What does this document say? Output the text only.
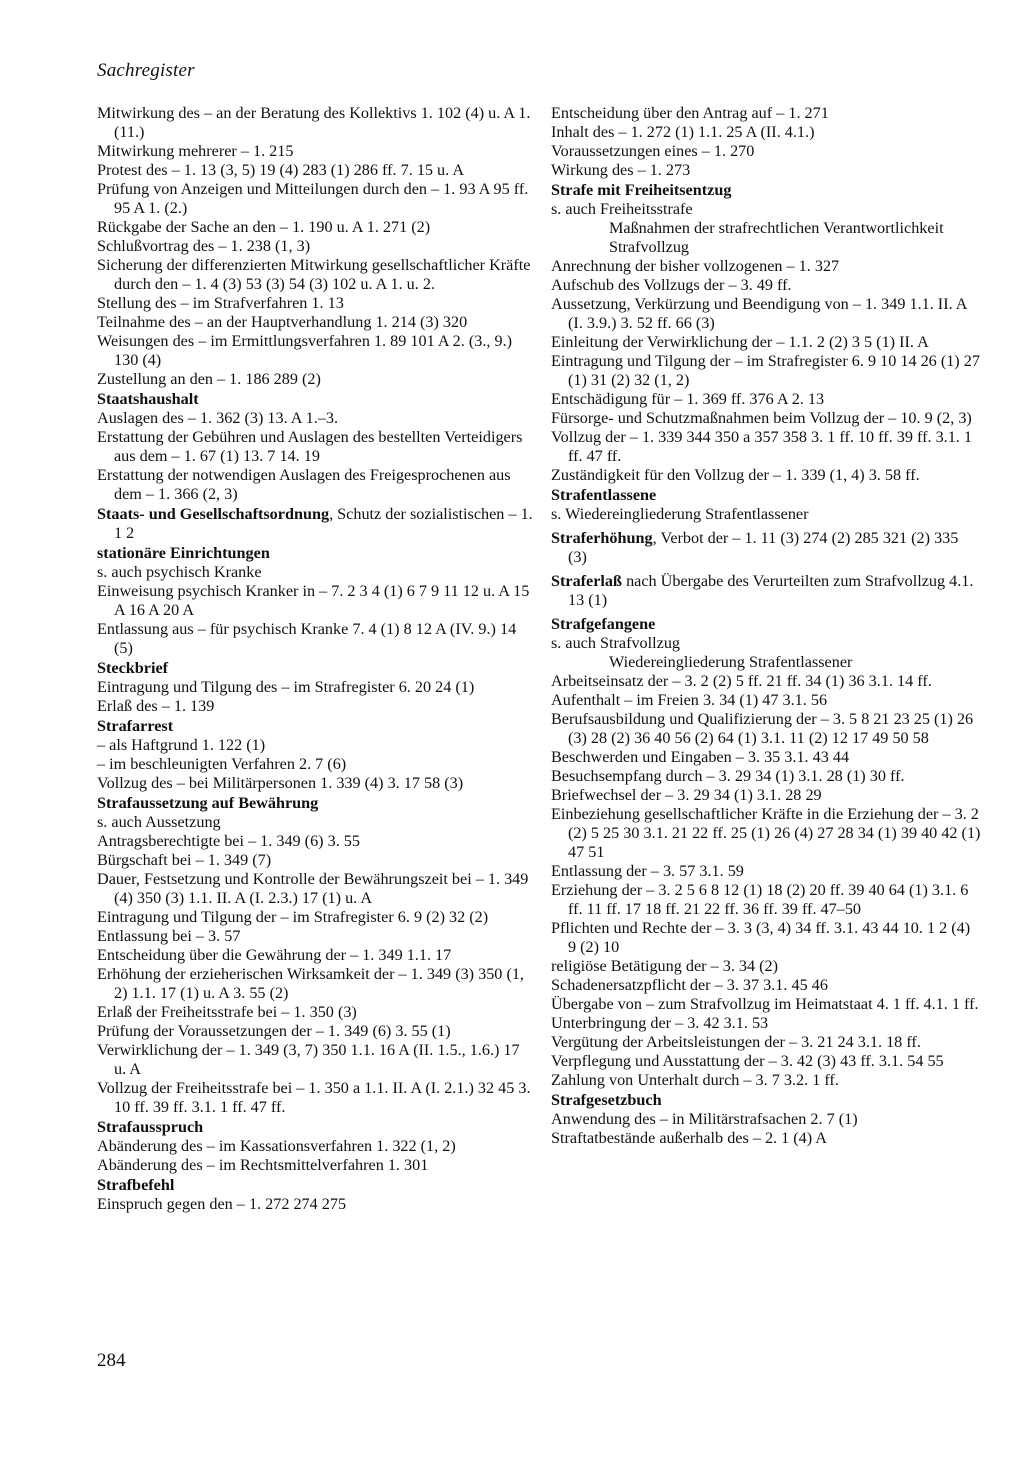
Sachregister
Mitwirkung des – an der Beratung des Kollektivs 1. 102 (4) u. A 1. (11.)
Mitwirkung mehrerer – 1. 215
Protest des – 1. 13 (3, 5) 19 (4) 283 (1) 286 ff. 7. 15 u. A
Prüfung von Anzeigen und Mitteilungen durch den – 1. 93 A 95 ff. 95 A 1. (2.)
Rückgabe der Sache an den – 1. 190 u. A 1. 271 (2)
Schlußvortrag des – 1. 238 (1, 3)
Sicherung der differenzierten Mitwirkung gesellschaftlicher Kräfte durch den – 1. 4 (3) 53 (3) 54 (3) 102 u. A 1. u. 2.
Stellung des – im Strafverfahren 1. 13
Teilnahme des – an der Hauptverhandlung 1. 214 (3) 320
Weisungen des – im Ermittlungsverfahren 1. 89 101 A 2. (3., 9.) 130 (4)
Zustellung an den – 1. 186 289 (2)
Staatshaushalt
Auslagen des – 1. 362 (3) 13. A 1.–3.
Erstattung der Gebühren und Auslagen des bestellten Verteidigers aus dem – 1. 67 (1) 13. 7 14. 19
Erstattung der notwendigen Auslagen des Freigesprochenen aus dem – 1. 366 (2, 3)
Staats- und Gesellschaftsordnung, Schutz der sozialistischen – 1. 1 2
stationäre Einrichtungen
s. auch psychisch Kranke
Einweisung psychisch Kranker in – 7. 2 3 4 (1) 6 7 9 11 12 u. A 15 A 16 A 20 A
Entlassung aus – für psychisch Kranke 7. 4 (1) 8 12 A (IV. 9.) 14 (5)
Steckbrief
Eintragung und Tilgung des – im Strafregister 6. 20 24 (1)
Erlaß des – 1. 139
Strafarrest
– als Haftgrund 1. 122 (1)
– im beschleunigten Verfahren 2. 7 (6)
Vollzug des – bei Militärpersonen 1. 339 (4) 3. 17 58 (3)
Strafaussetzung auf Bewährung
s. auch Aussetzung
Antragsberechtigte bei – 1. 349 (6) 3. 55
Bürgschaft bei – 1. 349 (7)
Dauer, Festsetzung und Kontrolle der Bewährungszeit bei – 1. 349 (4) 350 (3) 1.1. II. A (I. 2.3.) 17 (1) u. A
Eintragung und Tilgung der – im Strafregister 6. 9 (2) 32 (2)
Entlassung bei – 3. 57
Entscheidung über die Gewährung der – 1. 349 1.1. 17
Erhöhung der erzieherischen Wirksamkeit der – 1. 349 (3) 350 (1, 2) 1.1. 17 (1) u. A 3. 55 (2)
Erlaß der Freiheitsstrafe bei – 1. 350 (3)
Prüfung der Voraussetzungen der – 1. 349 (6) 3. 55 (1)
Verwirklichung der – 1. 349 (3, 7) 350 1.1. 16 A (II. 1.5., 1.6.) 17 u. A
Vollzug der Freiheitsstrafe bei – 1. 350 a 1.1. II. A (I. 2.1.) 32 45 3. 10 ff. 39 ff. 3.1. 1 ff. 47 ff.
Strafausspruch
Abänderung des – im Kassationsverfahren 1. 322 (1, 2)
Abänderung des – im Rechtsmittelverfahren 1. 301
Strafbefehl
Einspruch gegen den – 1. 272 274 275
Entscheidung über den Antrag auf – 1. 271
Inhalt des – 1. 272 (1) 1.1. 25 A (II. 4.1.)
Voraussetzungen eines – 1. 270
Wirkung des – 1. 273
Strafe mit Freiheitsentzug
s. auch Freiheitsstrafe
Maßnahmen der strafrechtlichen Verantwortlichkeit
Strafvollzug
Anrechnung der bisher vollzogenen – 1. 327
Aufschub des Vollzugs der – 3. 49 ff.
Aussetzung, Verkürzung und Beendigung von – 1. 349 1.1. II. A (I. 3.9.) 3. 52 ff. 66 (3)
Einleitung der Verwirklichung der – 1.1. 2 (2) 3 5 (1) II. A
Eintragung und Tilgung der – im Strafregister 6. 9 10 14 26 (1) 27 (1) 31 (2) 32 (1, 2)
Entschädigung für – 1. 369 ff. 376 A 2. 13
Fürsorge- und Schutzmaßnahmen beim Vollzug der – 10. 9 (2, 3)
Vollzug der – 1. 339 344 350 a 357 358 3. 1 ff. 10 ff. 39 ff. 3.1. 1 ff. 47 ff.
Zuständigkeit für den Vollzug der – 1. 339 (1, 4) 3. 58 ff.
Strafentlassene
s. Wiedereingliederung Strafentlassener
Straferhöhung, Verbot der – 1. 11 (3) 274 (2) 285 321 (2) 335 (3)
Straferlaß nach Übergabe des Verurteilten zum Strafvollzug 4.1. 13 (1)
Strafgefangene
s. auch Strafvollzug
Wiedereingliederung Strafentlassener
Arbeitseinsatz der – 3. 2 (2) 5 ff. 21 ff. 34 (1) 36 3.1. 14 ff.
Aufenthalt – im Freien 3. 34 (1) 47 3.1. 56
Berufsausbildung und Qualifizierung der – 3. 5 8 21 23 25 (1) 26 (3) 28 (2) 36 40 56 (2) 64 (1) 3.1. 11 (2) 12 17 49 50 58
Beschwerden und Eingaben – 3. 35 3.1. 43 44
Besuchsempfang durch – 3. 29 34 (1) 3.1. 28 (1) 30 ff.
Briefwechsel der – 3. 29 34 (1) 3.1. 28 29
Einbeziehung gesellschaftlicher Kräfte in die Erziehung der – 3. 2 (2) 5 25 30 3.1. 21 22 ff. 25 (1) 26 (4) 27 28 34 (1) 39 40 42 (1) 47 51
Entlassung der – 3. 57 3.1. 59
Erziehung der – 3. 2 5 6 8 12 (1) 18 (2) 20 ff. 39 40 64 (1) 3.1. 6 ff. 11 ff. 17 18 ff. 21 22 ff. 36 ff. 39 ff. 47–50
Pflichten und Rechte der – 3. 3 (3, 4) 34 ff. 3.1. 43 44 10. 1 2 (4) 9 (2) 10
religiöse Betätigung der – 3. 34 (2)
Schadenersatzpflicht der – 3. 37 3.1. 45 46
Übergabe von – zum Strafvollzug im Heimatstaat 4. 1 ff. 4.1. 1 ff.
Unterbringung der – 3. 42 3.1. 53
Vergütung der Arbeitsleistungen der – 3. 21 24 3.1. 18 ff.
Verpflegung und Ausstattung der – 3. 42 (3) 43 ff. 3.1. 54 55
Zahlung von Unterhalt durch – 3. 7 3.2. 1 ff.
Strafgesetzbuch
Anwendung des – in Militärstrafsachen 2. 7 (1)
Straftatbestände außerhalb des – 2. 1 (4) A
284
